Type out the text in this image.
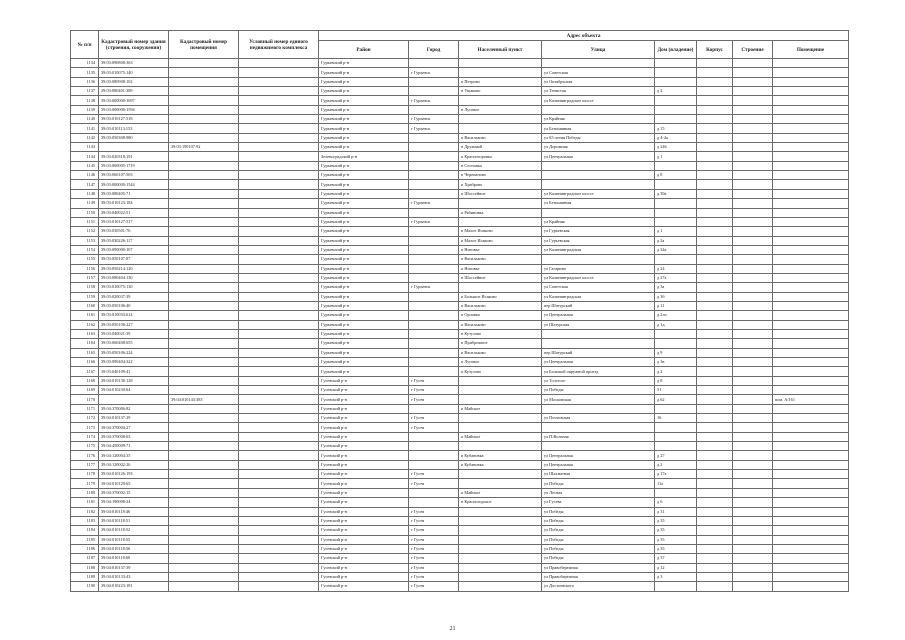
№ п/п	Кадастровый номер здания (строения, сооружения)	Кадастровый номер помещения	Условный номер единого недвижимого комплекса	Адрес объекта							
				Район	Город	Населенный пункт	Улица	Дом (владение)	Корпус	Строение	Помещение
1134	39:03:090808:363			Гурьевский р-н							
1135	39:03:010075:140			Гурьевский р-н	г Гурьевск		ул Советская				
1136	39:03:080908:102			Гурьевский р-н		п Петрово	ул Октябрьская				
1137	39:03:080401:389			Гурьевский р-н		п Ушаково	ул Тенистая	д 2			
1138	39:03:000000:1697			Гурьевский р-н	г Гурьевск		ул Калининградское шоссе				
1139	39:03:000000:1594			Гурьевский р-н		п Луговое					
1140	39:03:010127:518			Гурьевский р-н	г Гурьевск		ул Крайняя				
1141	39:03:010113:153			Гурьевский р-н	г Гурьевск		ул Безымянная	д 15			
1142	39:03:050308:980			Гурьевский р-н		п Васильково	ул 65-летия Победы	д 4-4а			
1143		39:03:190107:92		Гурьевский р-н		п Дружный	ул Дорожная	д 246			
1144	39:03:020318:191			Зеленоградский р-н		п Красноторовка	ул Центральная	д 1			
1145	39:03:060005:1719			Гурьевский р-н		п Сосновка					
1146	39:03:060107:503			Гурьевский р-н		п Черепаново		д 8			
1147	39:03:000000:1544			Гурьевский р-н		п Храброво					
1148	39:03:080405:71			Гурьевский р-н		п Шоссейное	ул Калининградское шоссе	д 39а			
1149	39:03:010123:184			Гурьевский р-н	г Гурьевск		ул Безымянная				
1150	39:03:040022:51			Гурьевский р-н		п Рябиновка					
1151	39:03:010127:517			Гурьевский р-н	г Гурьевск		ул Крайняя				
1152	39:03:030501:76			Гурьевский р-н		п Малое Исаково	ул Гурьевская	д 1			
1153	39:03:030226:117			Гурьевский р-н		п Малое Исаково	ул Гурьевская	д 2а			
1154	39:03:090000:107			Гурьевский р-н		п Низовье	ул Калининградская	д 24а			
1155	39:03:050107:87			Гурьевский р-н		п Васильково					
1156	39:03:050214:120			Гурьевский р-н		п Низовье	ул Гагарина	д 24			
1157	39:03:080404:130			Гурьевский р-н		п Шоссейное	ул Калининградское шоссе	д 27а			
1158	39:03:010075:130			Гурьевский р-н	г Гурьевск		ул Советская	д 3а			
1159	39:03:020037:39			Гурьевский р-н		п Большое Исаково	ул Калининградская	д 3б			
1160	39:03:050106:40			Гурьевский р-н		п Васильково	пер Шатурский	д 11			
1161	39:03:010033:614			Гурьевский р-н		п Орловка	ул Центральная	д 2ло			
1162	39:03:050106:227			Гурьевский р-н		п Васильково	ул Шатурская	д 1д			
1163	39:03:040021:39			Гурьевский р-н		п Кутузово					
1164	39:03:060408:655			Гурьевский р-н		п Прибрежное					
1165	39:03:050106:224			Гурьевский р-н		п Васильково	пер Шатурский	д 9			
1166	39:03:090404:322			Гурьевский р-н		п Луговое	ул Центральная	д 3в			
1167	39:03:040109:41			Гурьевский р-н		п Кутузово	ул Большой окружной проезд	д 2			
1168	39:04:010130:128			Гусевский р-н	г Гусев		ул Толстого	д 8			
1169	39:04:010230:64			Гусевский р-н	г Гусев		ул Победы	51			
1170		39:04:010143:383		Гусевский р-н	г Гусев		ул Московская	д 62			пом. А/161
1171	39:04:370006:82			Гусевский р-н		п Майское					
1172	39:04:010137:29			Гусевский р-н	г Гусев		ул Почтовская	16			
1173	39:04:370004:27			Гусевский р-н	г Гусев						
1174	39:04:370008:63			Гусевский р-н		п Майское	ул П.Вольная				
1175	39:04:450009:71			Гусевский р-н							
1176	39:04:120004:35			Гусевский р-н		п Кубановка	ул Центральная	д 27			
1177	39:04:120002:26			Гусевский р-н		п Кубановка	ул Центральная	д 2			
1178	39:04:010126:193			Гусевский р-н	г Гусев		ул Шахматная	д 17а			
1179	39:04:010129:65			Гусевский р-н	г Гусев		ул Победы	11а			
1180	39:04:370002:15			Гусевский р-н		п Майское	ул Лесная				
1181	39:04:190008:24			Гусевский р-н		п Красногорское	ул Гусева	д 6			
1182	39:04:010118:46			Гусевский р-н	г Гусев		ул Победы	д 31			
1183	39:04:010118:51			Гусевский р-н	г Гусев		ул Победы	д 35			
1184	39:04:010118:52			Гусевский р-н	г Гусев		ул Победы	д 35			
1185	39:04:010118:55			Гусевский р-н	г Гусев		ул Победы	д 35			
1186	39:04:010118:56			Гусевский р-н	г Гусев		ул Победы	д 35			
1187	39:04:010118:60			Гусевский р-н	г Гусев		ул Победы	д 37			
1188	39:04:010137:39			Гусевский р-н	г Гусев		ул Правобережная	д 12			
1189	39:04:010133:43			Гусевский р-н	г Гусев		ул Правобережная	д 3			
1190	39:04:010223:181			Гусевский р-н	г Гусев		ул Достоевского				
21
